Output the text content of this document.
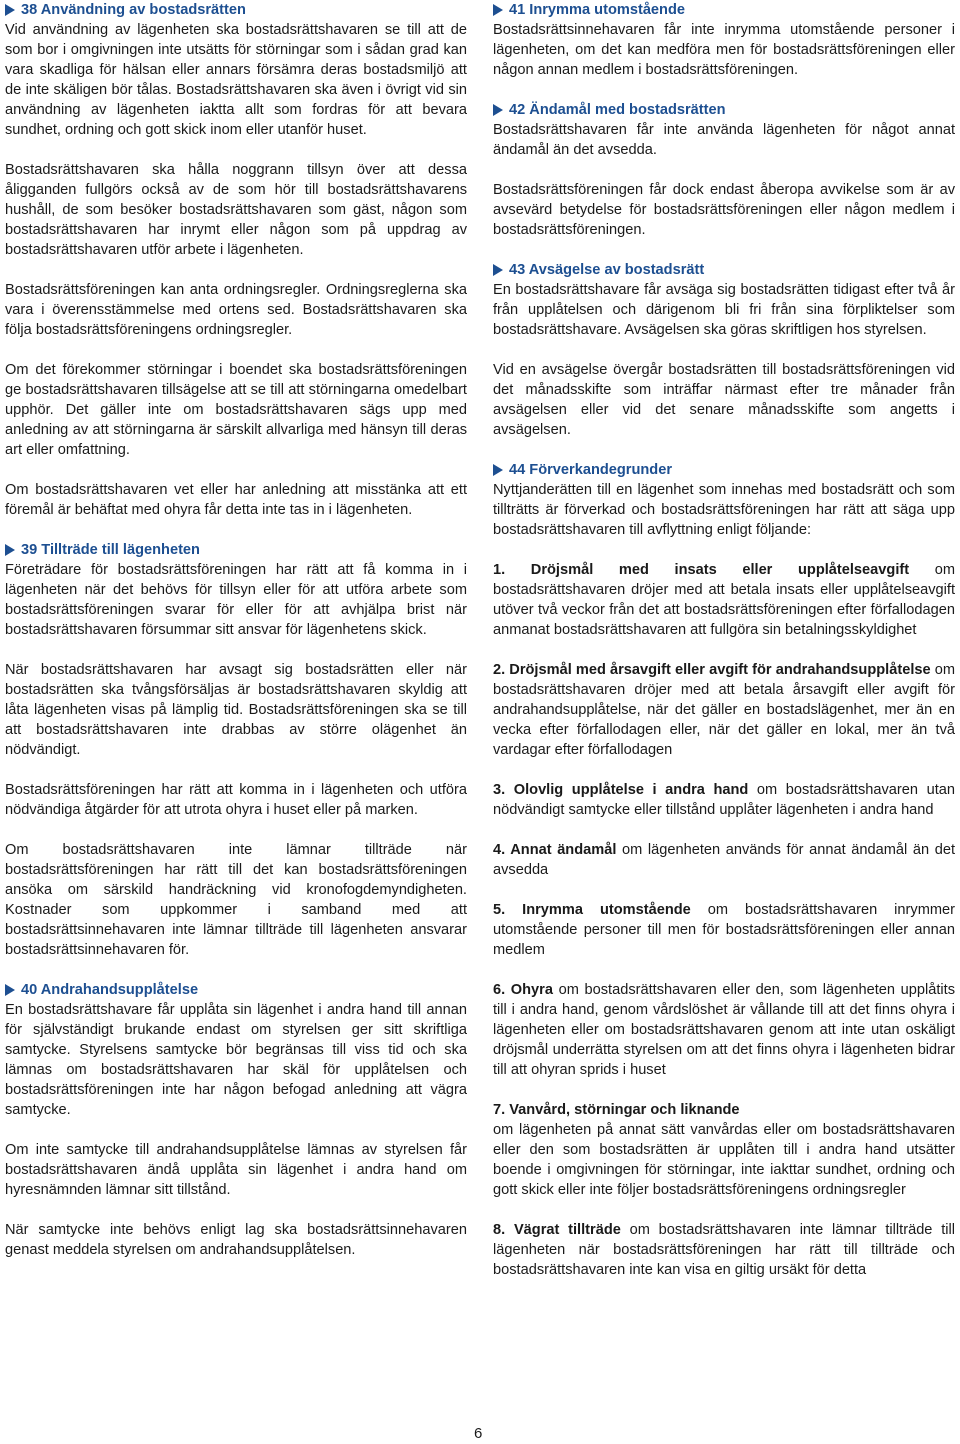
38 Användning av bostadsrätten

Vid användning av lägenheten ska bostadsrättshavaren se till att de som bor i omgivningen inte utsätts för störningar som i sådan grad kan vara skadliga för hälsan eller annars försämra deras bostadsmiljö att de inte skäligen bör tålas. Bostadsrättshavaren ska även i övrigt vid sin användning av lägenheten iaktta allt som fordras för att bevara sundhet, ordning och gott skick inom eller utanför huset.

Bostadsrättshavaren ska hålla noggrann tillsyn över att dessa åligganden fullgörs också av de som hör till bostadsrättshavarens hushåll, de som besöker bostadsrättshavaren som gäst, någon som bostadsrättshavaren har inrymt eller någon som på uppdrag av bostadsrättshavaren utför arbete i lägenheten.

Bostadsrättsföreningen kan anta ordningsregler. Ordningsreglerna ska vara i överensstämmelse med ortens sed. Bostadsrättshavaren ska följa bostadsrättsföreningens ordningsregler.

Om det förekommer störningar i boendet ska bostadsrättsföreningen ge bostadsrättshavaren tillsägelse att se till att störningarna omedelbart upphör. Det gäller inte om bostadsrättshavaren sägs upp med anledning av att störningarna är särskilt allvarliga med hänsyn till deras art eller omfattning.

Om bostadsrättshavaren vet eller har anledning att misstänka att ett föremål är behäftat med ohyra får detta inte tas in i lägenheten.

39 Tillträde till lägenheten

Företrädare för bostadsrättsföreningen har rätt att få komma in i lägenheten när det behövs för tillsyn eller för att utföra arbete som bostadsrättsföreningen svarar för eller för att avhjälpa brist när bostadsrättshavaren försummar sitt ansvar för lägenhetens skick.

När bostadsrättshavaren har avsagt sig bostadsrätten eller när bostadsrätten ska tvångsförsäljas är bostadsrättshavaren skyldig att låta lägenheten visas på lämplig tid. Bostadsrättsföreningen ska se till att bostadsrättshavaren inte drabbas av större olägenhet än nödvändigt.

Bostadsrättsföreningen har rätt att komma in i lägenheten och utföra nödvändiga åtgärder för att utrota ohyra i huset eller på marken.

Om bostadsrättshavaren inte lämnar tillträde när bostadsrättsföreningen har rätt till det kan bostadsrättsföreningen ansöka om särskild handräckning vid kronofogdemyndigheten. Kostnader som uppkommer i samband med att bostadsrättsinnehavaren inte lämnar tillträde till lägenheten ansvarar bostadsrättsinnehavaren för.

40 Andrahandsupplåtelse

En bostadsrättshavare får upplåta sin lägenhet i andra hand till annan för självständigt brukande endast om styrelsen ger sitt skriftliga samtycke. Styrelsens samtycke bör begränsas till viss tid och ska lämnas om bostadsrättshavaren har skäl för upplåtelsen och bostadsrättsföreningen inte har någon befogad anledning att vägra samtycke.

Om inte samtycke till andrahandsupplåtelse lämnas av styrelsen får bostadsrättshavaren ändå upplåta sin lägenhet i andra hand om hyresnämnden lämnar sitt tillstånd.

När samtycke inte behövs enligt lag ska bostadsrättsinnehavaren genast meddela styrelsen om andrahandsupplåtelsen.

41 Inrymma utomstående

Bostadsrättsinnehavaren får inte inrymma utomstående personer i lägenheten, om det kan medföra men för bostadsrättsföreningen eller någon annan medlem i bostadsrättsföreningen.

42 Ändamål med bostadsrätten

Bostadsrättshavaren får inte använda lägenheten för något annat ändamål än det avsedda.

Bostadsrättsföreningen får dock endast åberopa avvikelse som är av avsevärd betydelse för bostadsrättsföreningen eller någon medlem i bostadsrättsföreningen.

43 Avsägelse av bostadsrätt

En bostadsrättshavare får avsäga sig bostadsrätten tidigast efter två år från upplåtelsen och därigenom bli fri från sina förpliktelser som bostadsrättshavare. Avsägelsen ska göras skriftligen hos styrelsen.

Vid en avsägelse övergår bostadsrätten till bostadsrättsföreningen vid det månadsskifte som inträffar närmast efter tre månader från avsägelsen eller vid det senare månadsskifte som angetts i avsägelsen.

44 Förverkandegrunder

Nyttjanderätten till en lägenhet som innehas med bostadsrätt och som tillträtts är förverkad och bostadsrättsföreningen har rätt att säga upp bostadsrättshavaren till avflyttning enligt följande:

1. Dröjsmål med insats eller upplåtelseavgift om bostadsrättshavaren dröjer med att betala insats eller upplåtelseavgift utöver två veckor från det att bostadsrättsföreningen efter förfallodagen anmanat bostadsrättshavaren att fullgöra sin betalningsskyldighet

2. Dröjsmål med årsavgift eller avgift för andrahandsupplåtelse om bostadsrättshavaren dröjer med att betala årsavgift eller avgift för andrahandsupplåtelse, när det gäller en bostadslägenhet, mer än en vecka efter förfallodagen eller, när det gäller en lokal, mer än två vardagar efter förfallodagen

3. Olovlig upplåtelse i andra hand om bostadsrättshavaren utan nödvändigt samtycke eller tillstånd upplåter lägenheten i andra hand

4. Annat ändamål om lägenheten används för annat ändamål än det avsedda

5. Inrymma utomstående om bostadsrättshavaren inrymmer utomstående personer till men för bostadsrättsföreningen eller annan medlem

6. Ohyra om bostadsrättshavaren eller den, som lägenheten upplåtits till i andra hand, genom vårdslöshet är vållande till att det finns ohyra i lägenheten eller om bostadsrättshavaren genom att inte utan oskäligt dröjsmål underrätta styrelsen om att det finns ohyra i lägenheten bidrar till att ohyran sprids i huset

7. Vanvård, störningar och liknande
om lägenheten på annat sätt vanvårdas eller om bostadsrättshavaren eller den som bostadsrätten är upplåten till i andra hand utsätter boende i omgivningen för störningar, inte iakttar sundhet, ordning och gott skick eller inte följer bostadsrättsföreningens ordningsregler

8. Vägrat tillträde om bostadsrättshavaren inte lämnar tillträde till lägenheten när bostadsrättsföreningen har rätt till tillträde och bostadsrättshavaren inte kan visa en giltig ursäkt för detta

6
